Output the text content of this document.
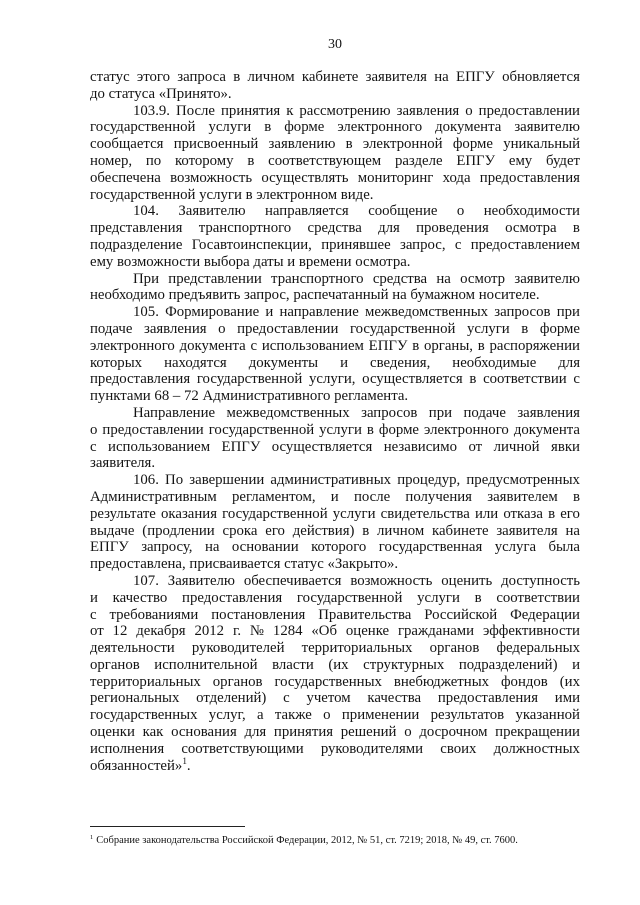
30
статус этого запроса в личном кабинете заявителя на ЕПГУ обновляется
до статуса «Принято».
103.9. После принятия к рассмотрению заявления о предоставлении
государственной услуги в форме электронного документа заявителю
сообщается присвоенный заявлению в электронной форме уникальный
номер, по которому в соответствующем разделе ЕПГУ ему будет
обеспечена возможность осуществлять мониторинг хода предоставления
государственной услуги в электронном виде.
104. Заявителю направляется сообщение о необходимости
представления транспортного средства для проведения осмотра в
подразделение Госавтоинспекции, принявшее запрос, с предоставлением
ему возможности выбора даты и времени осмотра.
При представлении транспортного средства на осмотр заявителю
необходимо предъявить запрос, распечатанный на бумажном носителе.
105. Формирование и направление межведомственных запросов при
подаче заявления о предоставлении государственной услуги в форме
электронного документа с использованием ЕПГУ в органы, в распоряжении
которых находятся документы и сведения, необходимые для
предоставления государственной услуги, осуществляется в соответствии с
пунктами 68 – 72 Административного регламента.
Направление межведомственных запросов при подаче заявления
о предоставлении государственной услуги в форме электронного документа
с использованием ЕПГУ осуществляется независимо от личной явки
заявителя.
106. По завершении административных процедур, предусмотренных
Административным регламентом, и после получения заявителем в
результате оказания государственной услуги свидетельства или отказа в его
выдаче (продлении срока его действия) в личном кабинете заявителя на
ЕПГУ запросу, на основании которого государственная услуга была
предоставлена, присваивается статус «Закрыто».
107. Заявителю обеспечивается возможность оценить доступность
и качество предоставления государственной услуги в соответствии
с требованиями постановления Правительства Российской Федерации
от 12 декабря 2012 г. № 1284 «Об оценке гражданами эффективности
деятельности руководителей территориальных органов федеральных
органов исполнительной власти (их структурных подразделений) и
территориальных органов государственных внебюджетных фондов (их
региональных отделений) с учетом качества предоставления ими
государственных услуг, а также о применении результатов указанной
оценки как основания для принятия решений о досрочном прекращении
исполнения соответствующими руководителями своих должностных
обязанностей»$^1$.
$^1$ Собрание законодательства Российской Федерации, 2012, № 51, ст. 7219; 2018, № 49, ст. 7600.
